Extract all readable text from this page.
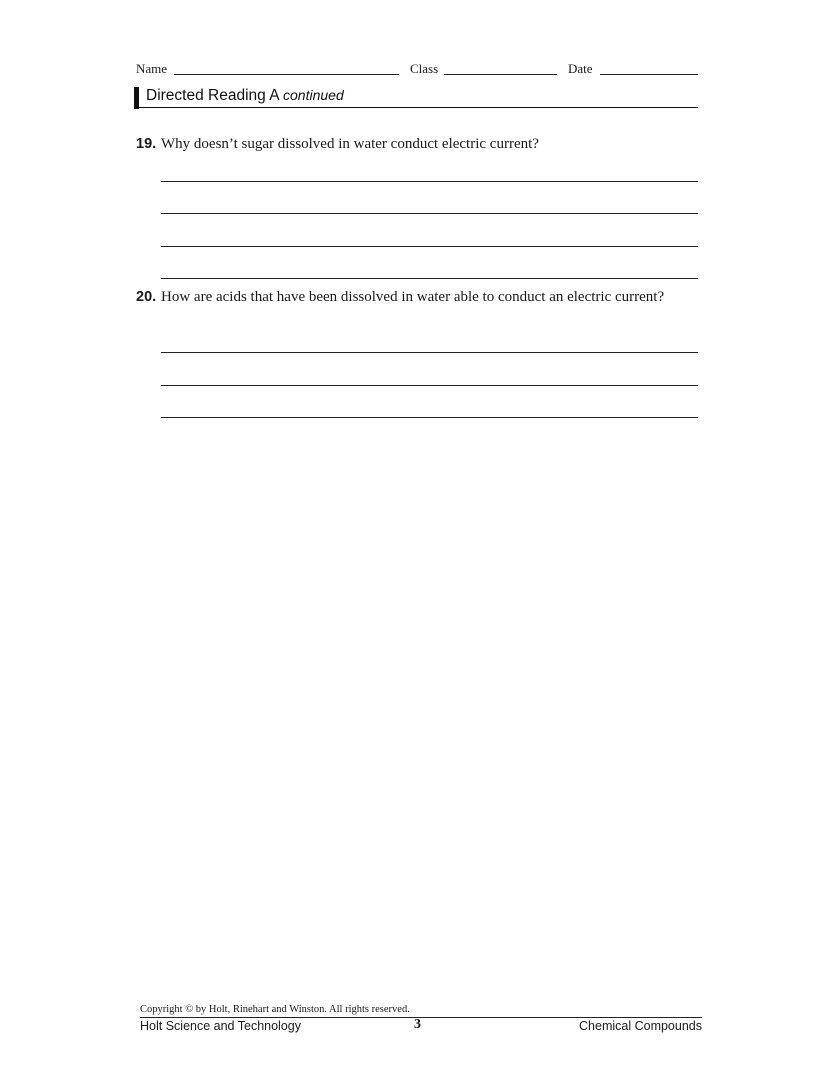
Name	Class	Date
Directed Reading A continued
19. Why doesn’t sugar dissolved in water conduct electric current?
20. How are acids that have been dissolved in water able to conduct an electric current?
Copyright © by Holt, Rinehart and Winston. All rights reserved.
Holt Science and Technology	3	Chemical Compounds
